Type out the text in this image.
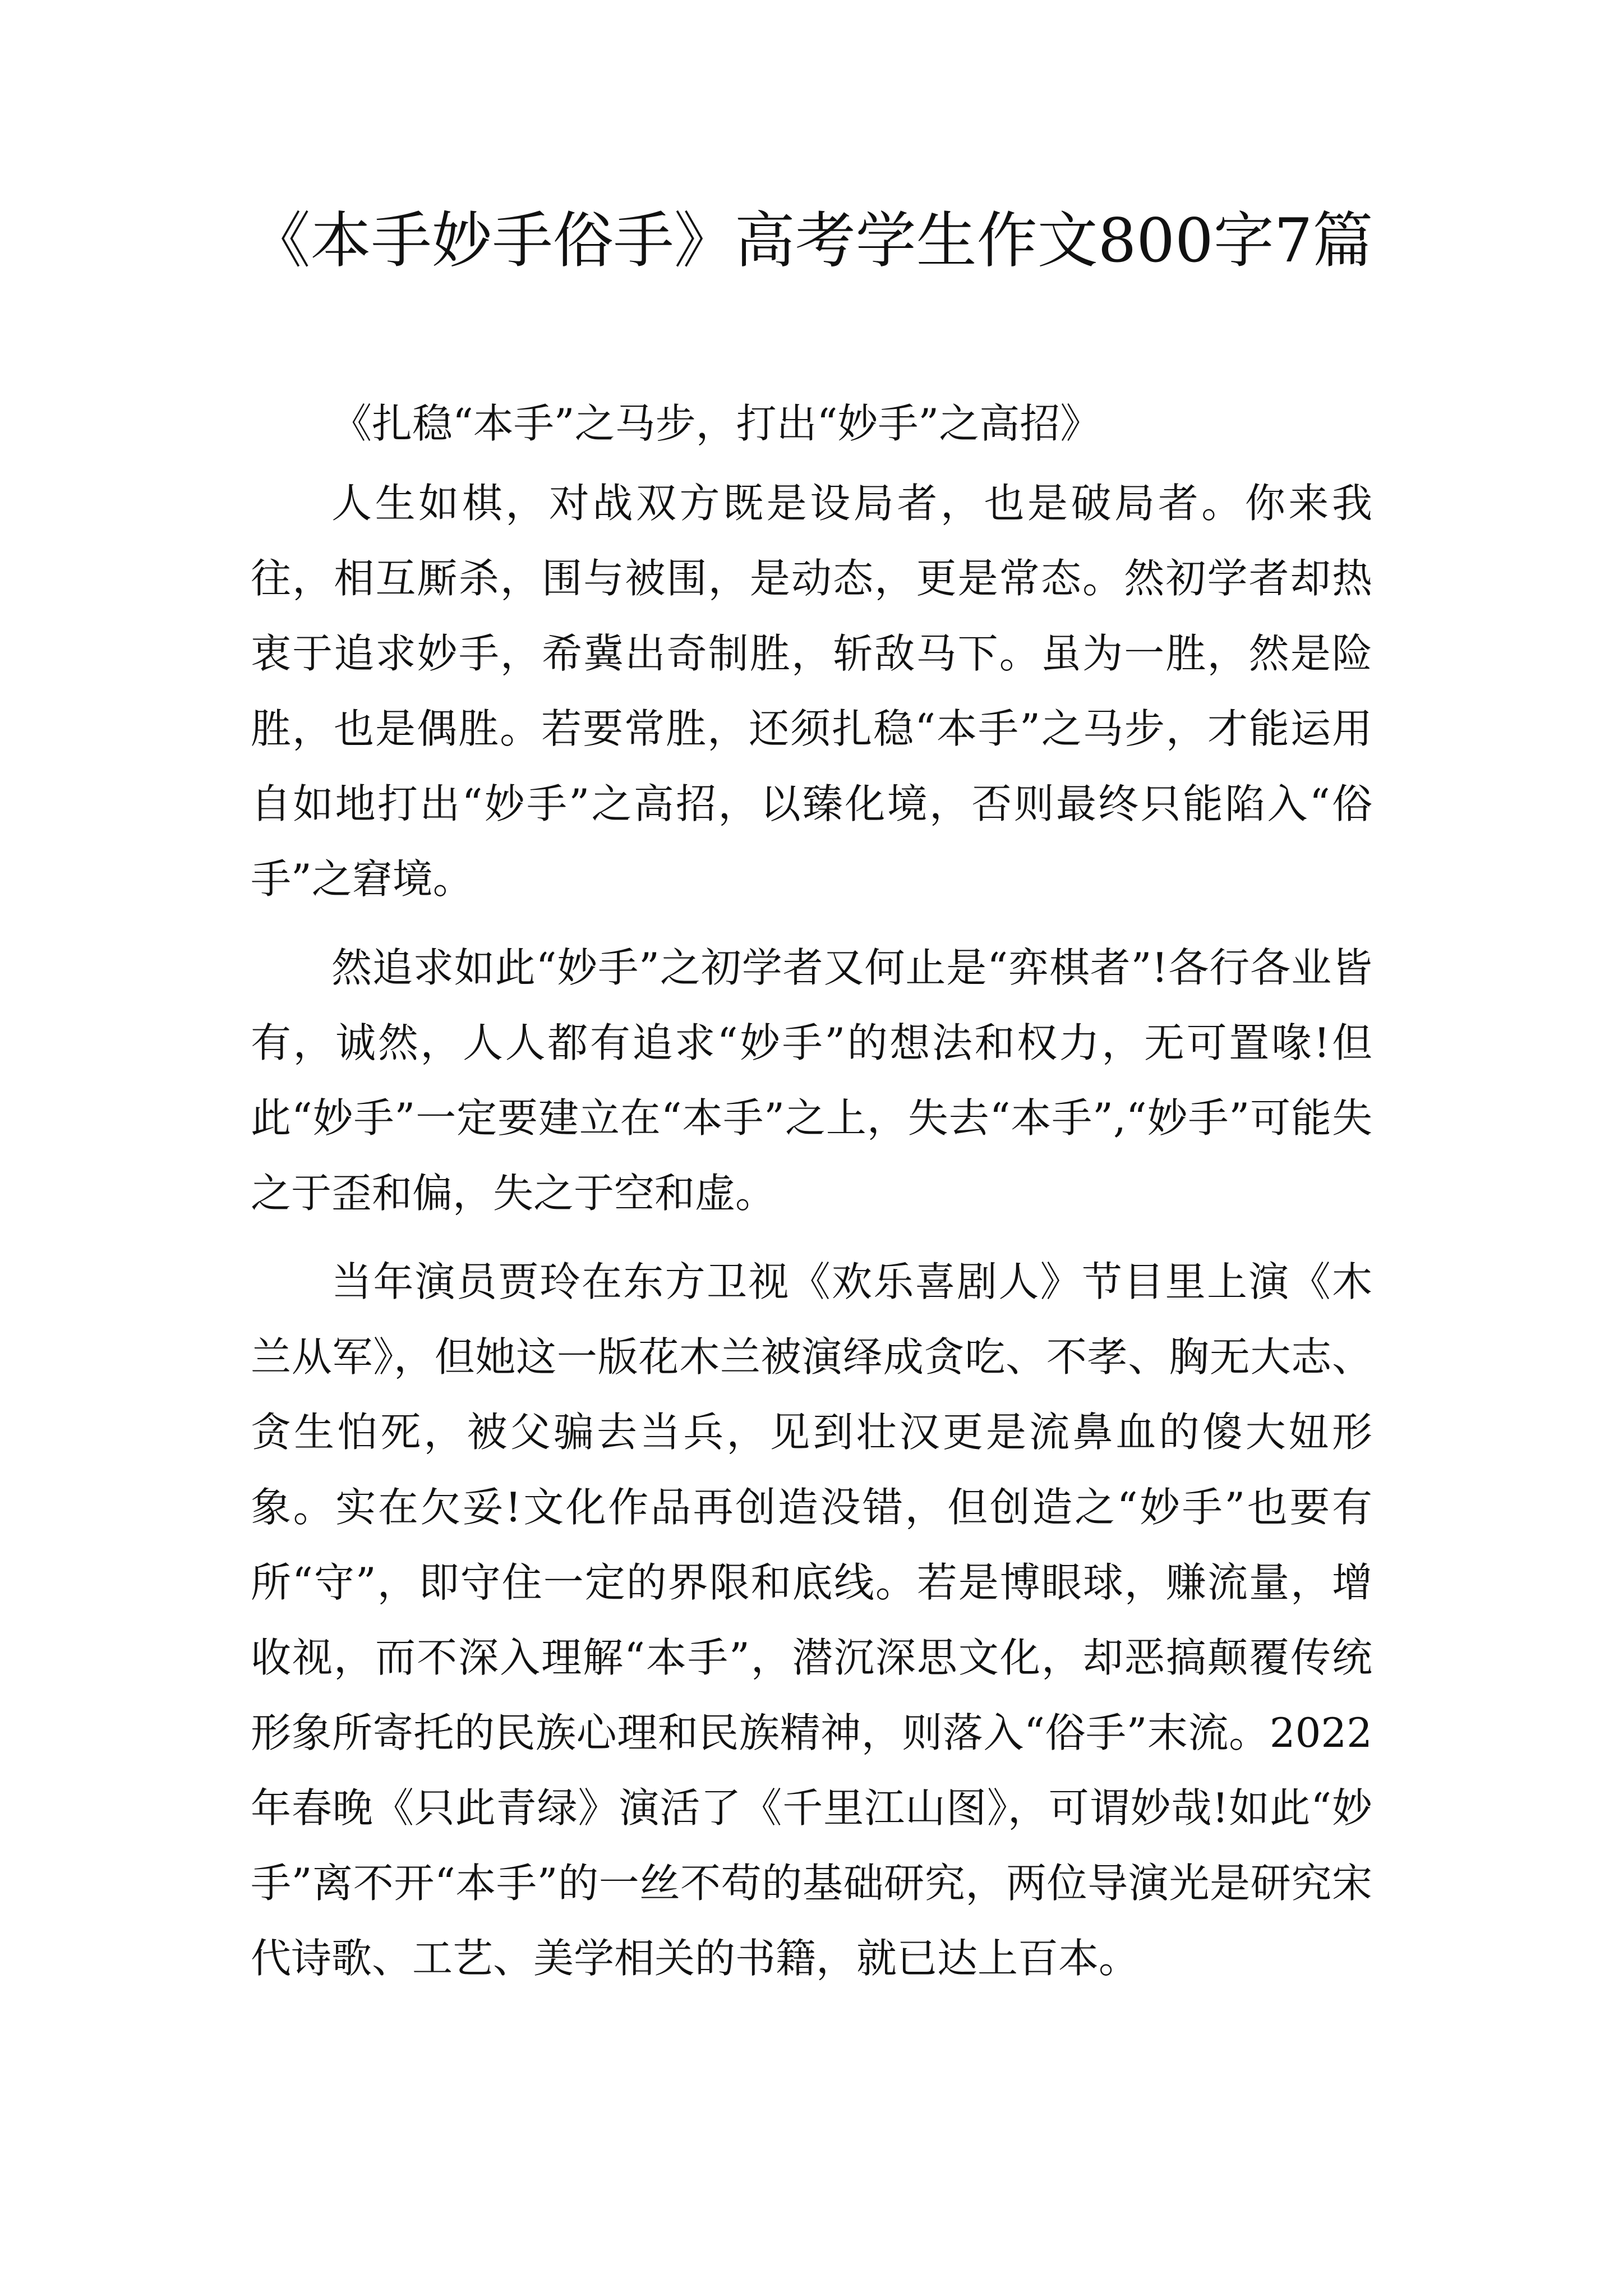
《本手妙手俗手》高考学生作文800字7篇

《扎稳“本手”之马步，打出“妙手”之高招》

人生如棋，对战双方既是设局者，也是破局者。你来我往，相互厮杀，围与被围，是动态，更是常态。然初学者却热衷于追求妙手，希冀出奇制胜，斩敌马下。虽为一胜，然是险胜，也是偶胜。若要常胜，还须扎稳“本手”之马步，才能运用自如地打出“妙手”之高招，以臻化境，否则最终只能陷入“俗手”之窘境。

然追求如此“妙手”之初学者又何止是“弈棋者”!各行各业皆有，诚然，人人都有追求“妙手”的想法和权力，无可置喙!但此“妙手”一定要建立在“本手”之上，失去“本手”,“妙手”可能失之于歪和偏，失之于空和虚。

当年演员贾玲在东方卫视《欢乐喜剧人》节目里上演《木兰从军》，但她这一版花木兰被演绎成贪吃、不孝、胸无大志、贪生怕死，被父骗去当兵，见到壮汉更是流鼻血的傻大妞形象。实在欠妥!文化作品再创造没错，但创造之“妙手”也要有所“守”，即守住一定的界限和底线。若是博眼球，赚流量，增收视，而不深入理解“本手”，潜沉深思文化，却恶搞颠覆传统形象所寄托的民族心理和民族精神，则落入“俗手”末流。2022年春晚《只此青绿》演活了《千里江山图》，可谓妙哉!如此“妙手”离不开“本手”的一丝不苟的基础研究，两位导演光是研究宋代诗歌、工艺、美学相关的书籍，就已达上百本。
